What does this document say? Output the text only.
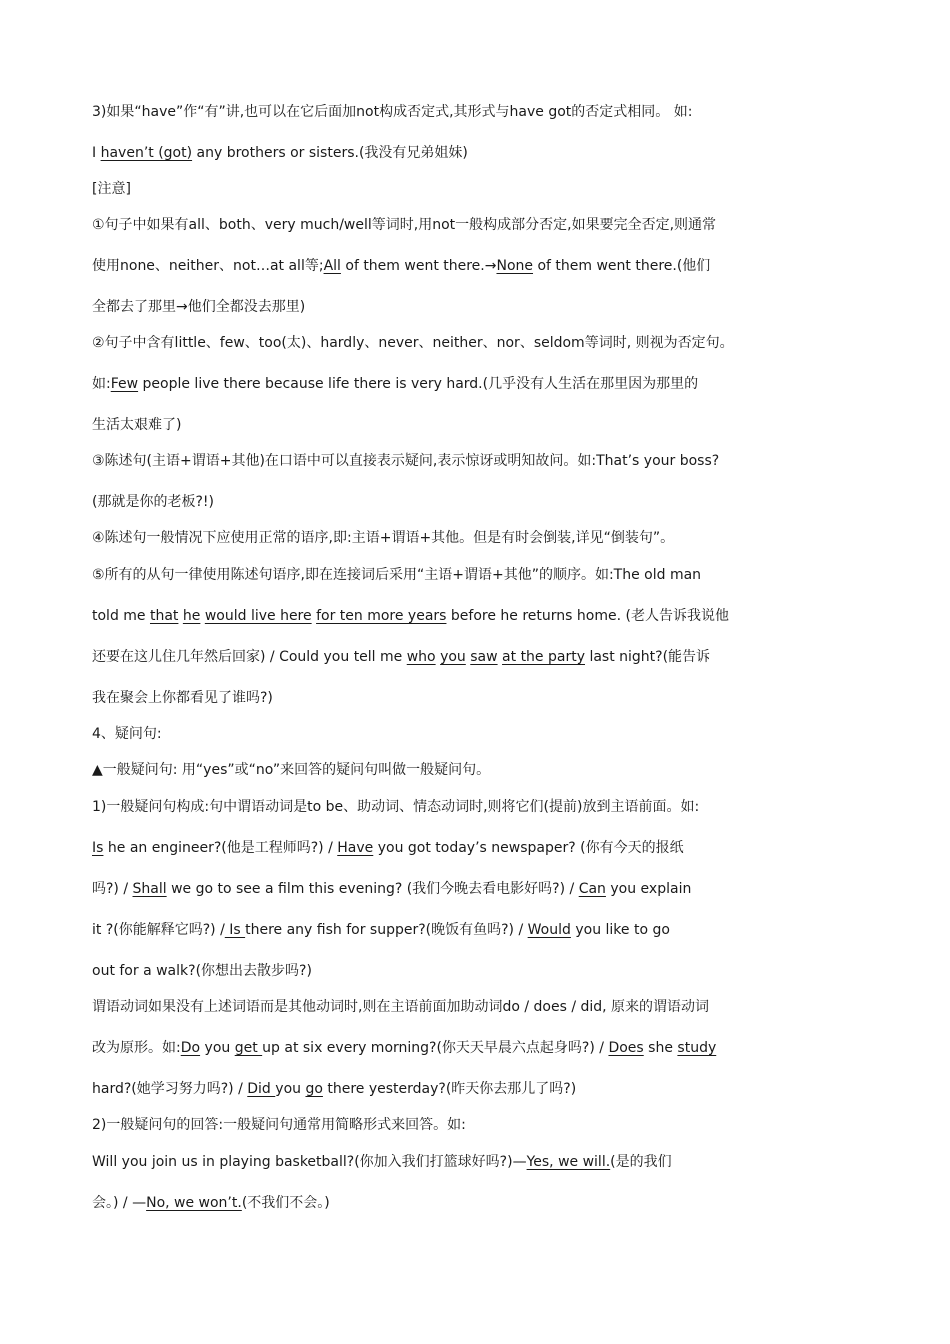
3)如果“have”作“有”讲,也可以在它后面加not构成否定式,其形式与have got的否定式相同。 如:
I haven’t (got) any brothers or sisters.(我没有兄弟姐妹)
[注意]
①句子中如果有all、both、very much/well等词时,用not一般构成部分否定,如果要完全否定,则通常
使用none、neither、not…at all等;All of them went there.→None of them went there.(他们
全都去了那里→他们全都没去那里)
②句子中含有little、few、too(太)、hardly、never、neither、nor、seldom等词时, 则视为否定句。
如:Few people live there because life there is very hard.(几乎没有人生活在那里因为那里的
生活太艰难了)
③陈述句(主语+谓语+其他)在口语中可以直接表示疑问,表示惊讶或明知故问。如:That’s your boss?
(那就是你的老板?!)
④陈述句一般情况下应使用正常的语序,即:主语+谓语+其他。但是有时会倒装,详见“倒装句”。
⑤所有的从句一律使用陈述句语序,即在连接词后采用“主语+谓语+其他”的顺序。如:The old man
told me that he would live here for ten more years before he returns home. (老人告诉我说他
还要在这儿住几年然后回家) / Could you tell me who you saw at the party last night?(能告诉
我在聚会上你都看见了谁吗?)
4、疑问句:
▲一般疑问句: 用“yes”或“no”来回答的疑问句叫做一般疑问句。
1)一般疑问句构成:句中谓语动词是to be、助动词、情态动词时,则将它们(提前)放到主语前面。如:
Is he an engineer?(他是工程师吗?) / Have you got today’s newspaper? (你有今天的报纸
吗?) / Shall we go to see a film this evening? (我们今晚去看电影好吗?) / Can you explain
it ?(你能解释它吗?) / Is there any fish for supper?(晚饭有鱼吗?) / Would you like to go
out for a walk?(你想出去散步吗?)
谓语动词如果没有上述词语而是其他动词时,则在主语前面加助动词do / does / did, 原来的谓语动词
改为原形。如:Do you get up at six every morning?(你天天早晨六点起身吗?) / Does she study
hard?(她学习努力吗?) / Did you go there yesterday?(昨天你去那儿了吗?)
2)一般疑问句的回答:一般疑问句通常用简略形式来回答。如:
Will you join us in playing basketball?(你加入我们打篮球好吗?)—Yes, we will.(是的我们
会。) / —No, we won’t.(不我们不会。)
